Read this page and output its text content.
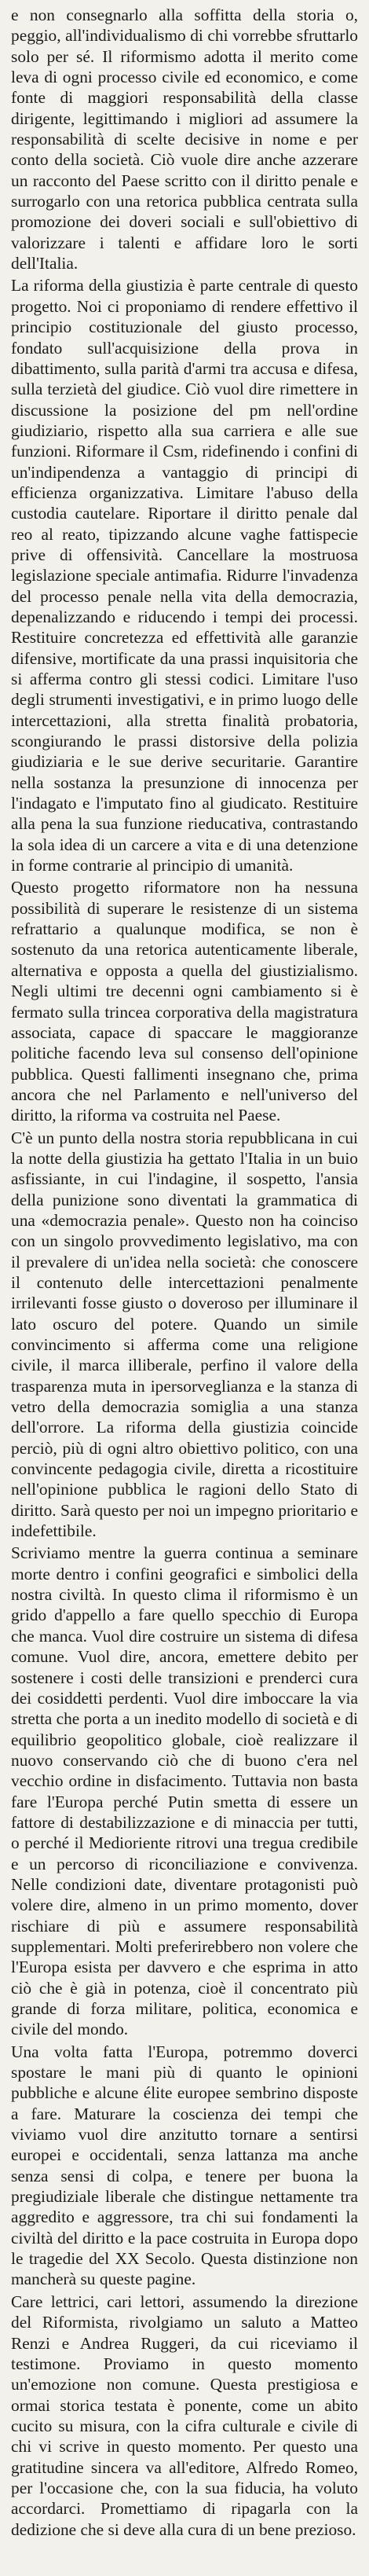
e non consegnarlo alla soffitta della storia o, peggio, all'individualismo di chi vorrebbe sfruttarlo solo per sé. Il riformismo adotta il merito come leva di ogni processo civile ed economico, e come fonte di maggiori responsabilità della classe dirigente, legittimando i migliori ad assumere la responsabilità di scelte decisive in nome e per conto della società. Ciò vuole dire anche azzerare un racconto del Paese scritto con il diritto penale e surrogarlo con una retorica pubblica centrata sulla promozione dei doveri sociali e sull'obiettivo di valorizzare i talenti e affidare loro le sorti dell'Italia.

La riforma della giustizia è parte centrale di questo progetto. Noi ci proponiamo di rendere effettivo il principio costituzionale del giusto processo, fondato sull'acquisizione della prova in dibattimento, sulla parità d'armi tra accusa e difesa, sulla terzietà del giudice. Ciò vuol dire rimettere in discussione la posizione del pm nell'ordine giudiziario, rispetto alla sua carriera e alle sue funzioni. Riformare il Csm, ridefinendo i confini di un'indipendenza a vantaggio di principi di efficienza organizzativa. Limitare l'abuso della custodia cautelare. Riportare il diritto penale dal reo al reato, tipizzando alcune vaghe fattispecie prive di offensività. Cancellare la mostruosa legislazione speciale antimafia. Ridurre l'invadenza del processo penale nella vita della democrazia, depenalizzando e riducendo i tempi dei processi. Restituire concretezza ed effettività alle garanzie difensive, mortificate da una prassi inquisitoria che si afferma contro gli stessi codici. Limitare l'uso degli strumenti investigativi, e in primo luogo delle intercettazioni, alla stretta finalità probatoria, scongiurando le prassi distorsive della polizia giudiziaria e le sue derive securitarie. Garantire nella sostanza la presunzione di innocenza per l'indagato e l'imputato fino al giudicato. Restituire alla pena la sua funzione rieducativa, contrastando la sola idea di un carcere a vita e di una detenzione in forme contrarie al principio di umanità.

Questo progetto riformatore non ha nessuna possibilità di superare le resistenze di un sistema refrattario a qualunque modifica, se non è sostenuto da una retorica autenticamente liberale, alternativa e opposta a quella del giustizialismo. Negli ultimi tre decenni ogni cambiamento si è fermato sulla trincea corporativa della magistratura associata, capace di spaccare le maggioranze politiche facendo leva sul consenso dell'opinione pubblica. Questi fallimenti insegnano che, prima ancora che nel Parlamento e nell'universo del diritto, la riforma va costruita nel Paese.

C'è un punto della nostra storia repubblicana in cui la notte della giustizia ha gettato l'Italia in un buio asfissiante, in cui l'indagine, il sospetto, l'ansia della punizione sono diventati la grammatica di una «democrazia penale». Questo non ha coinciso con un singolo provvedimento legislativo, ma con il prevalere di un'idea nella società: che conoscere il contenuto delle intercettazioni penalmente irrilevanti fosse giusto o doveroso per illuminare il lato oscuro del potere. Quando un simile convincimento si afferma come una religione civile, il marca illiberale, perfino il valore della trasparenza muta in ipersorveglianza e la stanza di vetro della democrazia somiglia a una stanza dell'orrore. La riforma della giustizia coincide perciò, più di ogni altro obiettivo politico, con una convincente pedagogia civile, diretta a ricostituire nell'opinione pubblica le ragioni dello Stato di diritto. Sarà questo per noi un impegno prioritario e indefettibile.

Scriviamo mentre la guerra continua a seminare morte dentro i confini geografici e simbolici della nostra civiltà. In questo clima il riformismo è un grido d'appello a fare quello specchio di Europa che manca. Vuol dire costruire un sistema di difesa comune. Vuol dire, ancora, emettere debito per sostenere i costi delle transizioni e prenderci cura dei cosiddetti perdenti. Vuol dire imboccare la via stretta che porta a un inedito modello di società e di equilibrio geopolitico globale, cioè realizzare il nuovo conservando ciò che di buono c'era nel vecchio ordine in disfacimento. Tuttavia non basta fare l'Europa perché Putin smetta di essere un fattore di destabilizzazione e di minaccia per tutti, o perché il Medioriente ritrovi una tregua credibile e un percorso di riconciliazione e convivenza. Nelle condizioni date, diventare protagonisti può volere dire, almeno in un primo momento, dover rischiare di più e assumere responsabilità supplementari. Molti preferirebbero non volere che l'Europa esista per davvero e che esprima in atto ciò che è già in potenza, cioè il concentrato più grande di forza militare, politica, economica e civile del mondo.

Una volta fatta l'Europa, potremmo doverci spostare le mani più di quanto le opinioni pubbliche e alcune élite europee sembrino disposte a fare. Maturare la coscienza dei tempi che viviamo vuol dire anzitutto tornare a sentirsi europei e occidentali, senza lattanza ma anche senza sensi di colpa, e tenere per buona la pregiudiziale liberale che distingue nettamente tra aggredito e aggressore, tra chi sui fondamenti la civiltà del diritto e la pace costruita in Europa dopo le tragedie del XX Secolo. Questa distinzione non mancherà su queste pagine.

Care lettrici, cari lettori, assumendo la direzione del Riformista, rivolgiamo un saluto a Matteo Renzi e Andrea Ruggeri, da cui riceviamo il testimone. Proviamo in questo momento un'emozione non comune. Questa prestigiosa e ormai storica testata è ponente, come un abito cucito su misura, con la cifra culturale e civile di chi vi scrive in questo momento. Per questo una gratitudine sincera va all'editore, Alfredo Romeo, per l'occasione che, con la sua fiducia, ha voluto accordarci. Promettiamo di ripagarla con la dedizione che si deve alla cura di un bene prezioso.
